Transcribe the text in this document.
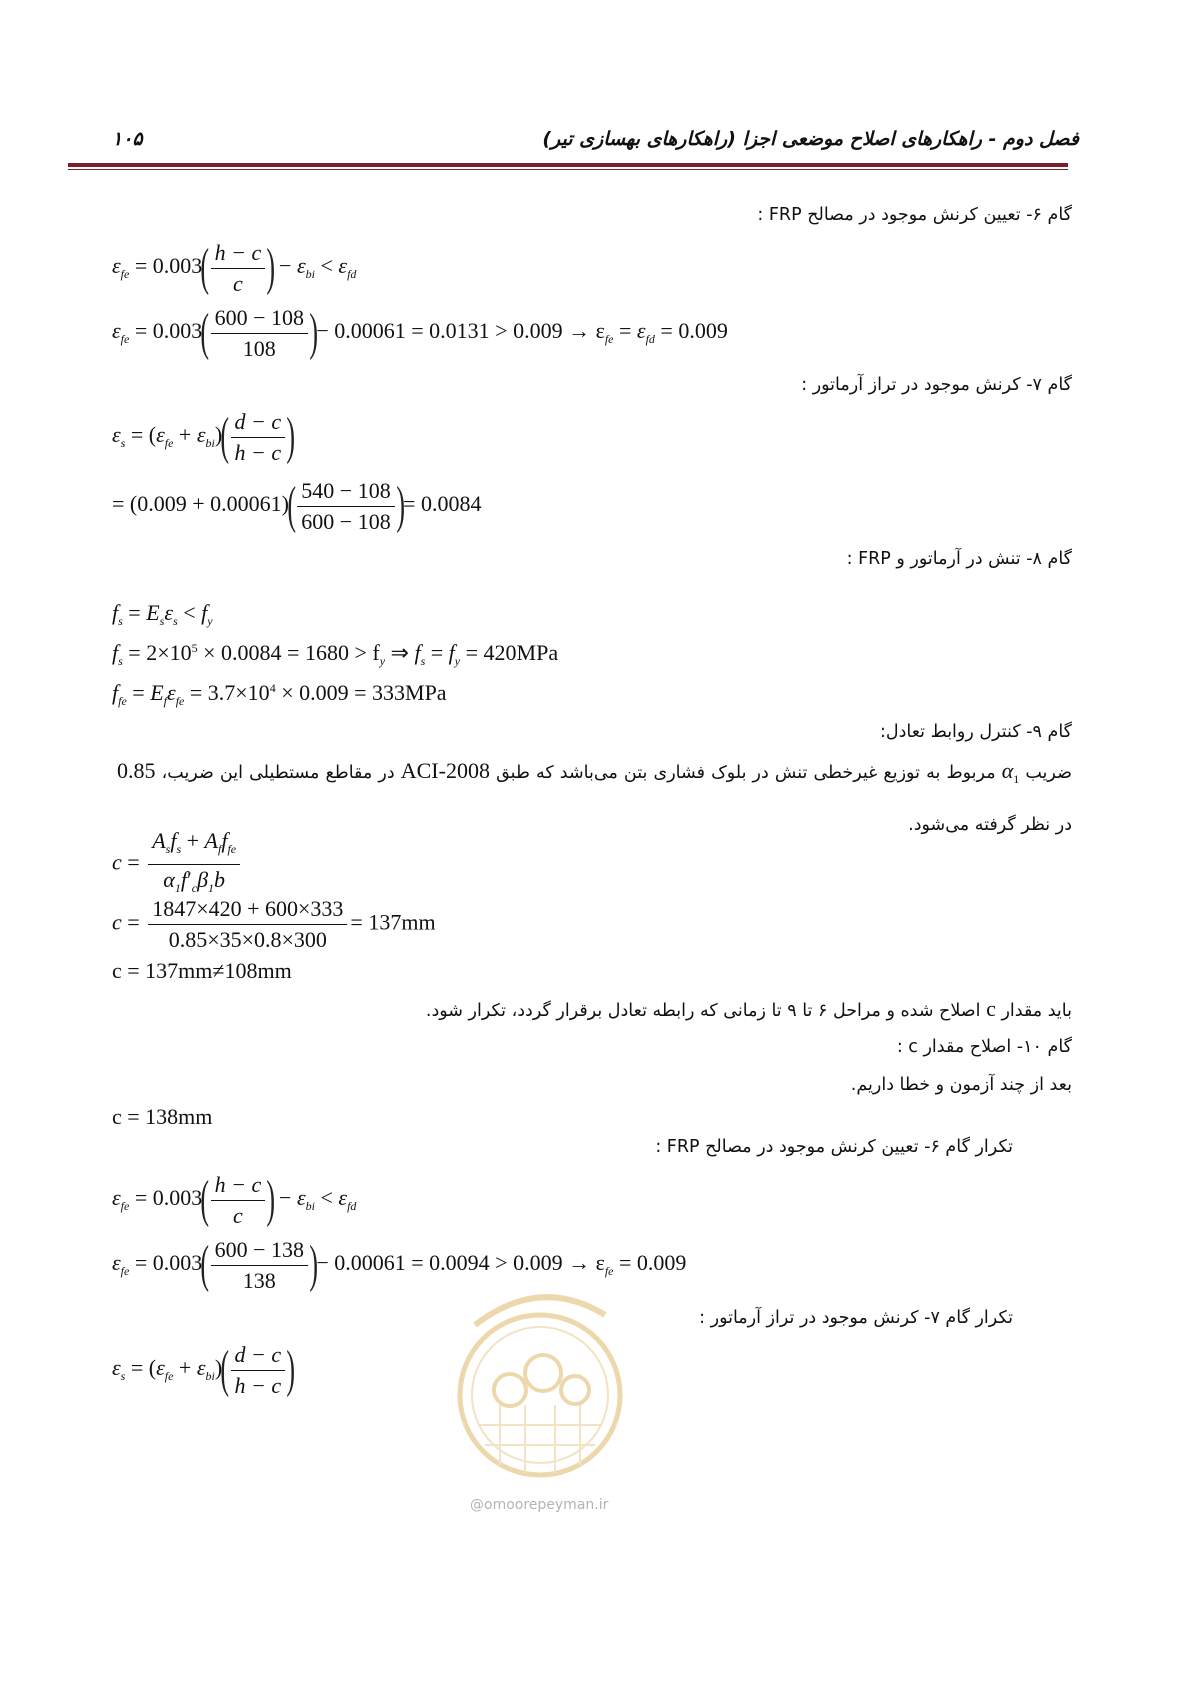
فصل دوم - راهکارهای اصلاح موضعی اجزا (راهکارهای بهسازی تیر)
۱۰۵
گام ۶- تعیین کرنش موجود در مصالح FRP :
$\varepsilon_{fe} = 0.003$
( $\frac{h - c}{c}$ )
− $\varepsilon_{bi} < \varepsilon_{fd}$
$\varepsilon_{fe} = 0.003$
( $\frac{600 - 108}{108}$ )
− $0.00061 = 0.0131 > 0.009 \to \varepsilon_{fe} = \varepsilon_{fd} = 0.009$
گام ۷- کرنش موجود در تراز آرماتور :
$\varepsilon_s = (\varepsilon_{fe} + \varepsilon_{bi})$
( $\frac{d - c}{h - c}$ )
= (0.009 + 0.00061)
( $\frac{540 - 108}{600 - 108}$ )
= 0.0084
گام ۸- تنش در آرماتور و FRP :
$f_s = E_s\varepsilon_s < f_y$
$f_s = 2\times 10^5 \times 0.0084 = 1680 > f_y$ ⇒ $f_s = f_y = 420MPa$
$f_{fe} = E_f\varepsilon_{fe} = 3.7\times 10^4 \times 0.009 = 333MPa$
گام ۹- کنترل روابط تعادل:
ضریب $\alpha_1$ مربوط به توزیع غیرخطی تنش در بلوک فشاری بتن می‌باشد که طبق ACI-2008 در مقاطع مستطیلی این ضریب، 0.85 در نظر گرفته می‌شود.
$c = \frac{A_sf_s + A_ff_{fe}}{\alpha_1f'_c\beta_1b}$
$c = \frac{1847\times 420 + 600\times 333}{0.85\times 35\times 0.8\times 300} = 137mm$
c = 137mm≠108mm
باید مقدار c اصلاح شده و مراحل ۶ تا ۹ تا زمانی که رابطه تعادل برقرار گردد، تکرار شود.
گام ۱۰- اصلاح مقدار c :
بعد از چند آزمون و خطا داریم.
c = 138mm
تکرار گام ۶- تعیین کرنش موجود در مصالح FRP :
$\varepsilon_{fe} = 0.003$
( $\frac{h - c}{c}$ )
− $\varepsilon_{bi} < \varepsilon_{fd}$
$\varepsilon_{fe} = 0.003$
( $\frac{600 - 138}{138}$ )
− $0.00061 = 0.0094 > 0.009 \to \varepsilon_{fe} = 0.009$
تکرار گام ۷- کرنش موجود در تراز آرماتور :
$\varepsilon_s = (\varepsilon_{fe} + \varepsilon_{bi})$
( $\frac{d - c}{h - c}$ )
@omoorepeyman.ir
